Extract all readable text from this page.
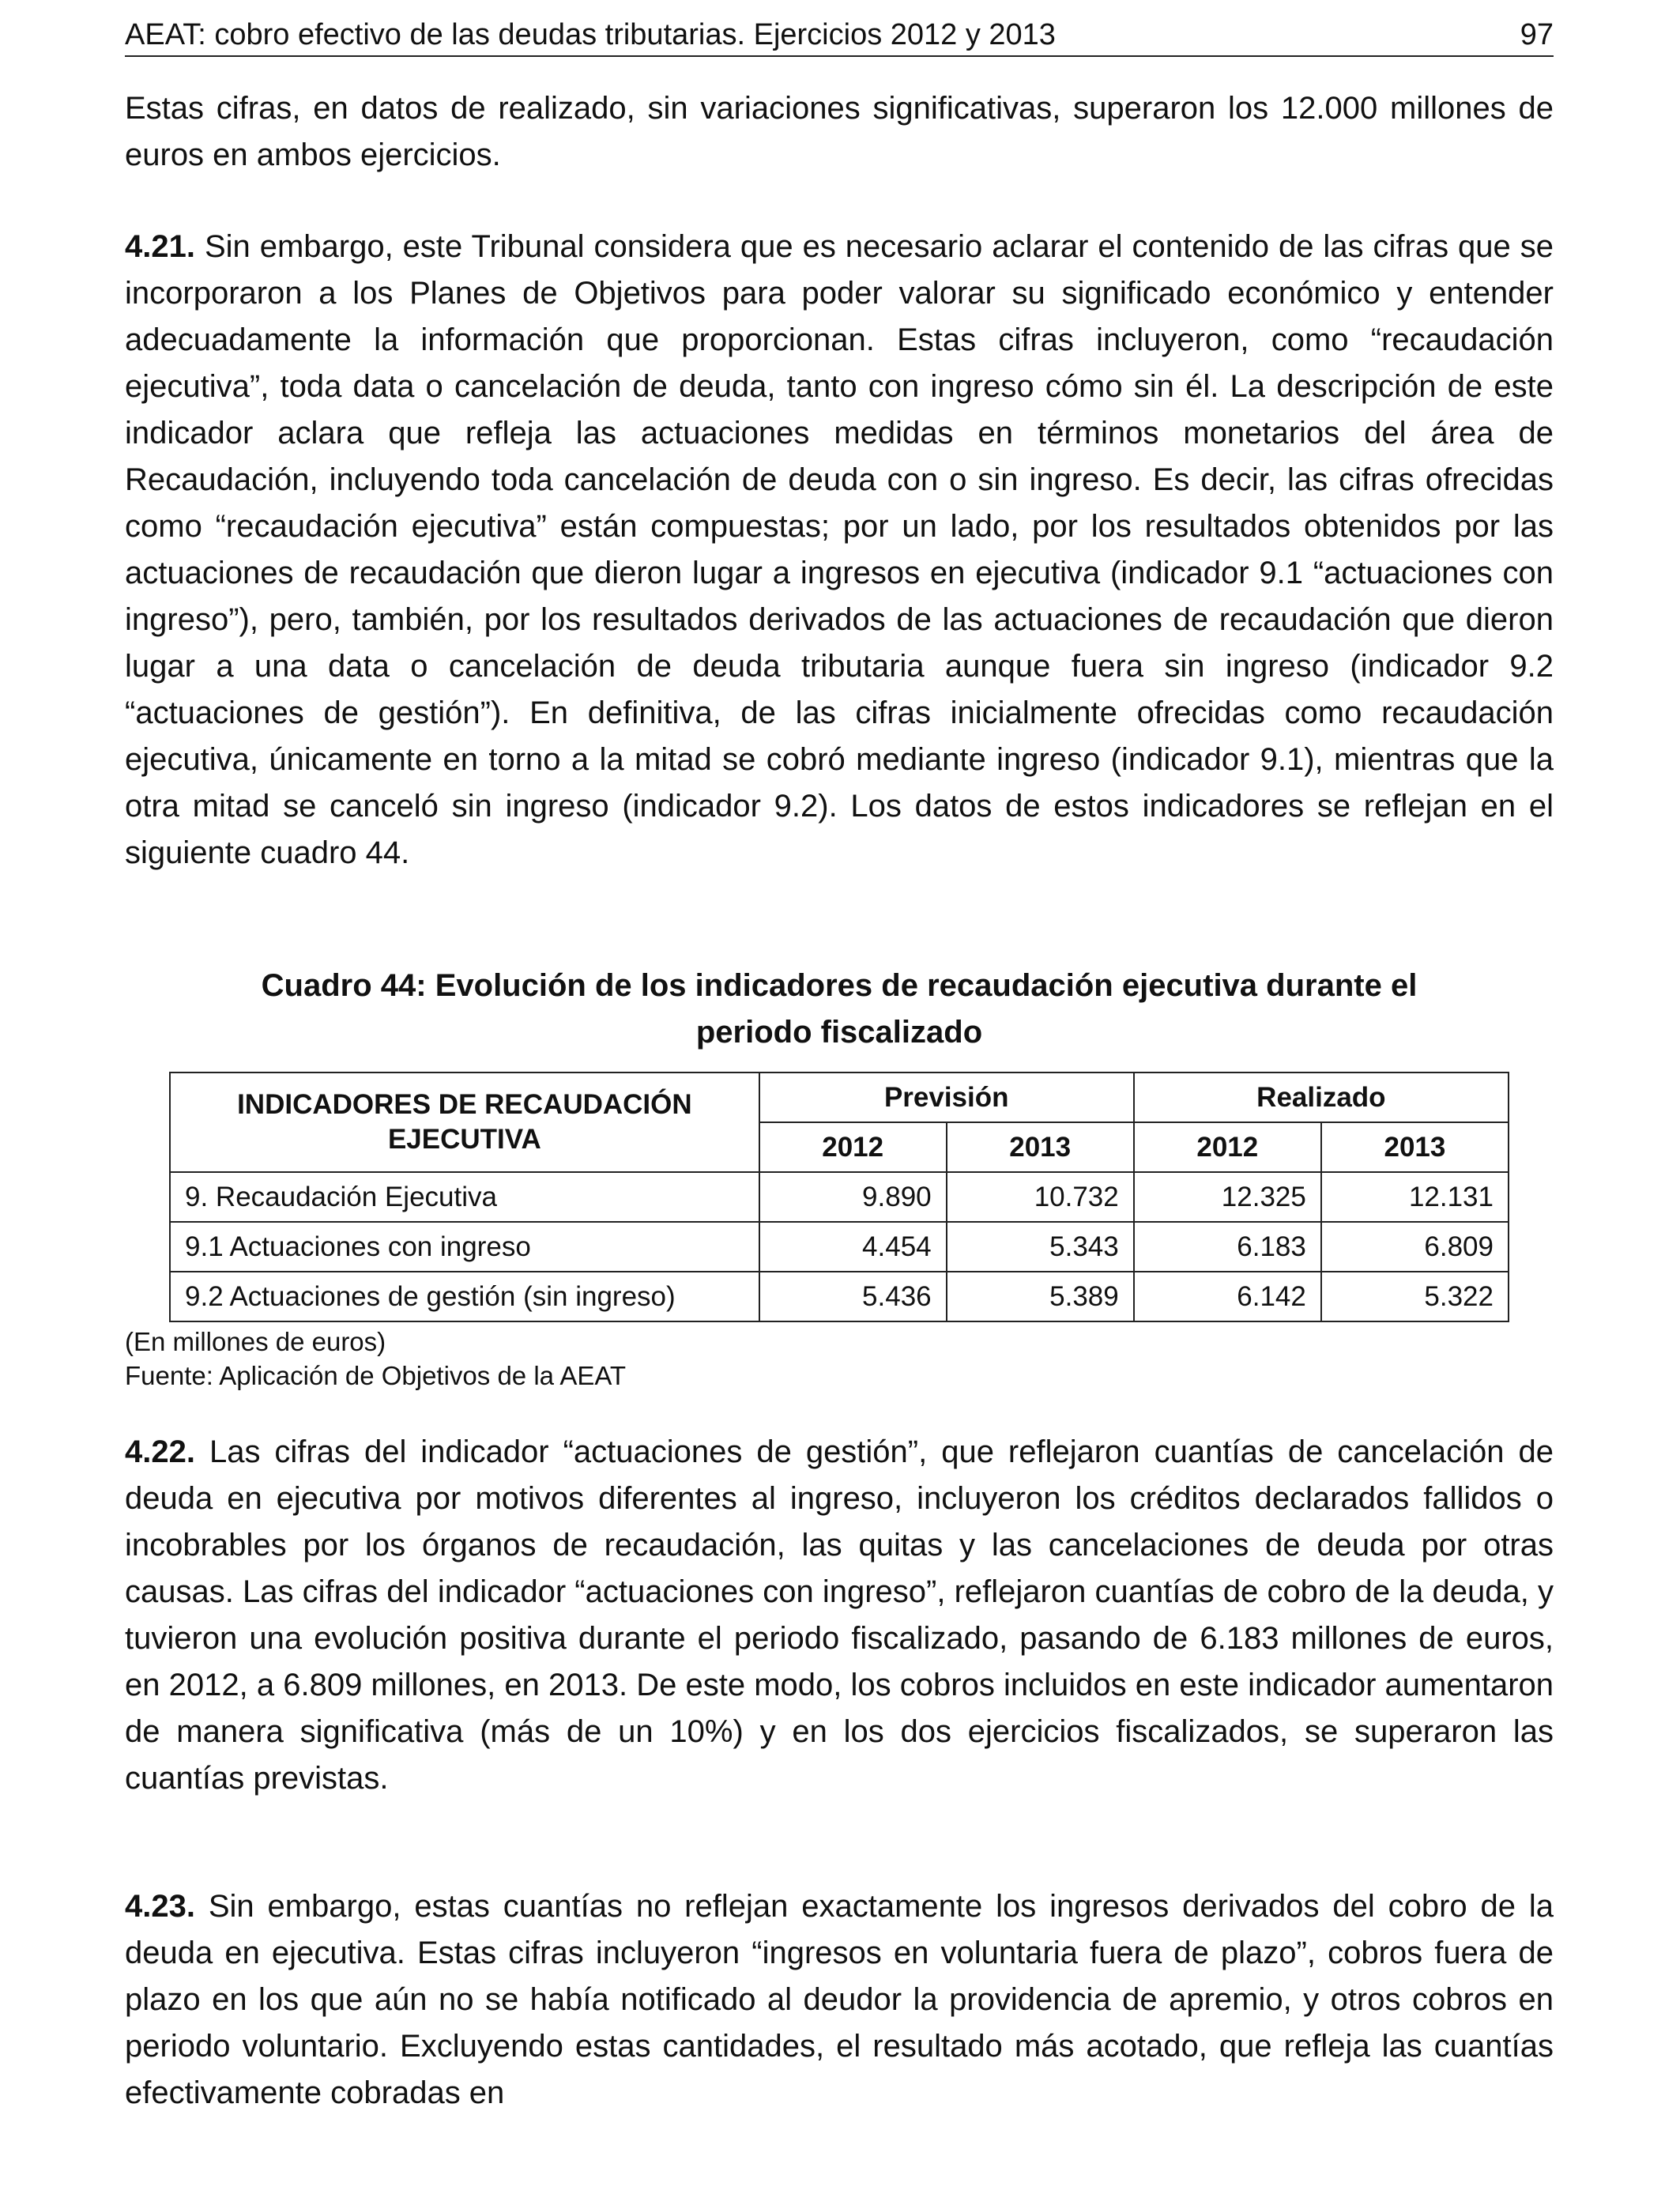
AEAT: cobro efectivo de las deudas tributarias. Ejercicios 2012 y 2013	97
Estas cifras, en datos de realizado, sin variaciones significativas, superaron los 12.000 millones de euros en ambos ejercicios.
4.21. Sin embargo, este Tribunal considera que es necesario aclarar el contenido de las cifras que se incorporaron a los Planes de Objetivos para poder valorar su significado económico y entender adecuadamente la información que proporcionan. Estas cifras incluyeron, como “recaudación ejecutiva”, toda data o cancelación de deuda, tanto con ingreso cómo sin él. La descripción de este indicador aclara que refleja las actuaciones medidas en términos monetarios del área de Recaudación, incluyendo toda cancelación de deuda con o sin ingreso. Es decir, las cifras ofrecidas como “recaudación ejecutiva” están compuestas; por un lado, por los resultados obtenidos por las actuaciones de recaudación que dieron lugar a ingresos en ejecutiva (indicador 9.1 “actuaciones con ingreso”), pero, también, por los resultados derivados de las actuaciones de recaudación que dieron lugar a una data o cancelación de deuda tributaria aunque fuera sin ingreso (indicador 9.2 “actuaciones de gestión”). En definitiva, de las cifras inicialmente ofrecidas como recaudación ejecutiva, únicamente en torno a la mitad se cobró mediante ingreso (indicador 9.1), mientras que la otra mitad se canceló sin ingreso (indicador 9.2). Los datos de estos indicadores se reflejan en el siguiente cuadro 44.
Cuadro 44: Evolución de los indicadores de recaudación ejecutiva durante el
periodo fiscalizado
INDICADORES DE RECAUDACIÓN
EJECUTIVA	Previsión		Realizado	
	2012	2013	2012	2013
9. Recaudación Ejecutiva	9.890	10.732	12.325	12.131
9.1 Actuaciones con ingreso	4.454	5.343	6.183	6.809
9.2 Actuaciones de gestión (sin ingreso)	5.436	5.389	6.142	5.322
(En millones de euros)
Fuente: Aplicación de Objetivos de la AEAT
4.22. Las cifras del indicador “actuaciones de gestión”, que reflejaron cuantías de cancelación de deuda en ejecutiva por motivos diferentes al ingreso, incluyeron los créditos declarados fallidos o incobrables por los órganos de recaudación, las quitas y las cancelaciones de deuda por otras causas. Las cifras del indicador “actuaciones con ingreso”, reflejaron cuantías de cobro de la deuda, y tuvieron una evolución positiva durante el periodo fiscalizado, pasando de 6.183 millones de euros, en 2012, a 6.809 millones, en 2013. De este modo, los cobros incluidos en este indicador aumentaron de manera significativa (más de un 10%) y en los dos ejercicios fiscalizados, se superaron las cuantías previstas.
4.23. Sin embargo, estas cuantías no reflejan exactamente los ingresos derivados del cobro de la deuda en ejecutiva. Estas cifras incluyeron “ingresos en voluntaria fuera de plazo”, cobros fuera de plazo en los que aún no se había notificado al deudor la providencia de apremio, y otros cobros en periodo voluntario. Excluyendo estas cantidades, el resultado más acotado, que refleja las cuantías efectivamente cobradas en
